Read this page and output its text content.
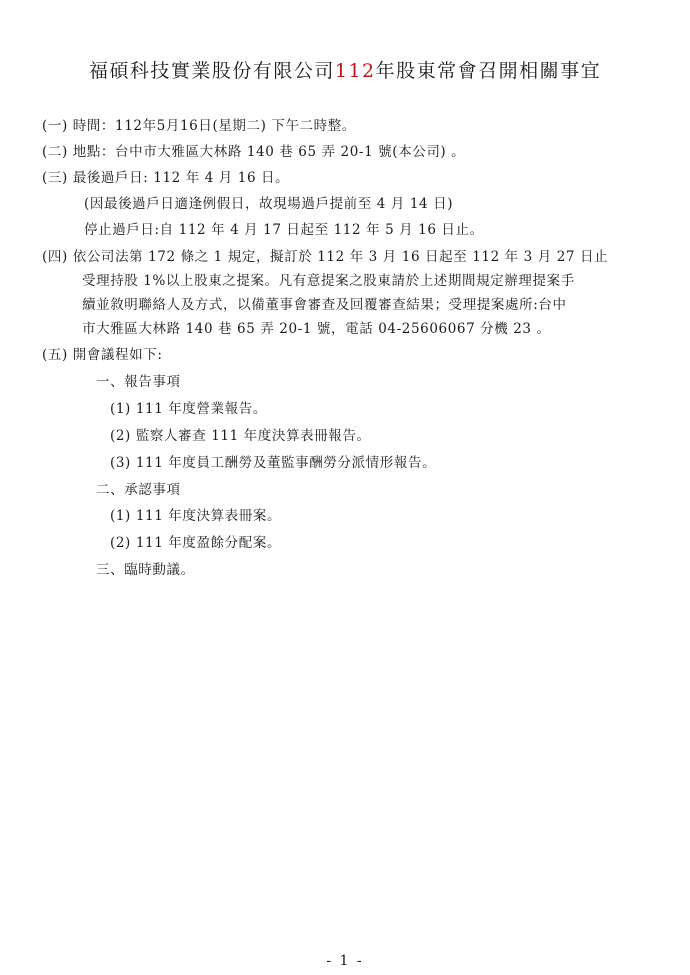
福碩科技實業股份有限公司112年股東常會召開相關事宜
(一) 時間：112年5月16日(星期二) 下午二時整。
(二) 地點：台中市大雅區大林路 140 巷 65 弄 20-1 號(本公司) 。
(三) 最後過戶日: 112 年 4 月 16 日。
(因最後過戶日適逢例假日，故現場過戶提前至 4 月 14 日)
停止過戶日:自 112 年 4 月 17 日起至 112 年 5 月 16 日止。
(四) 依公司法第 172 條之 1 規定，擬訂於 112 年 3 月 16 日起至 112 年 3 月 27 日止
受理持股 1%以上股東之提案。凡有意提案之股東請於上述期間規定辦理提案手
續並敘明聯絡人及方式，以備董事會審查及回覆審查結果；受理提案處所:台中
市大雅區大林路 140 巷 65 弄 20-1 號，電話 04-25606067 分機 23 。
(五) 開會議程如下:
一、報告事項
(1) 111 年度營業報告。
(2) 監察人審查 111 年度決算表冊報告。
(3) 111 年度員工酬勞及董監事酬勞分派情形報告。
二、承認事項
(1) 111 年度決算表冊案。
(2) 111 年度盈餘分配案。
三、臨時動議。
- 1 -
